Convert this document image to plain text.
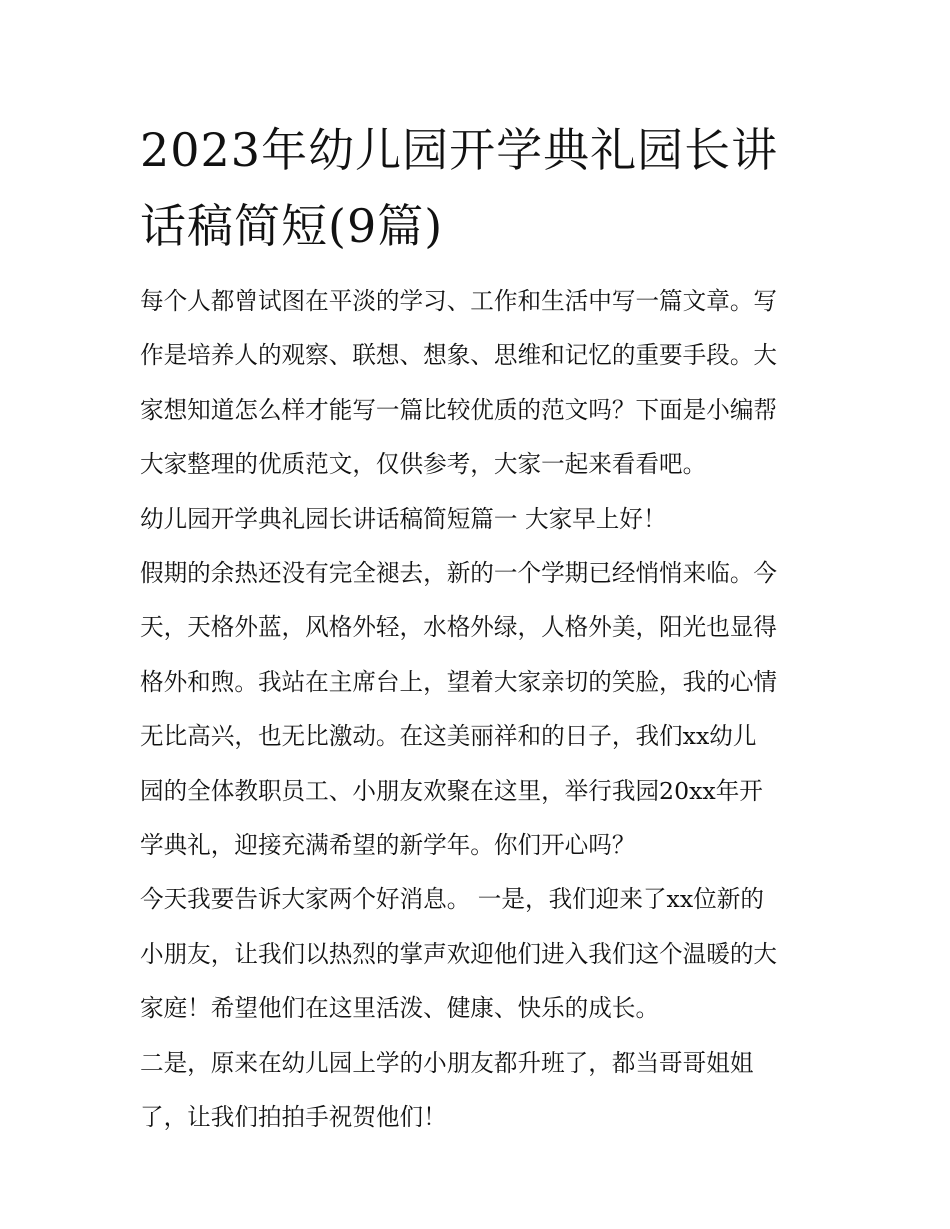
2023年幼儿园开学典礼园长讲
话稿简短(9篇)

每个人都曾试图在平淡的学习、工作和生活中写一篇文章。写
作是培养人的观察、联想、想象、思维和记忆的重要手段。大
家想知道怎么样才能写一篇比较优质的范文吗？下面是小编帮
大家整理的优质范文，仅供参考，大家一起来看看吧。

幼儿园开学典礼园长讲话稿简短篇一 大家早上好！

假期的余热还没有完全褪去，新的一个学期已经悄悄来临。今
天，天格外蓝，风格外轻，水格外绿，人格外美，阳光也显得
格外和煦。我站在主席台上，望着大家亲切的笑脸，我的心情
无比高兴，也无比激动。在这美丽祥和的日子，我们xx幼儿
园的全体教职员工、小朋友欢聚在这里，举行我园20xx年开
学典礼，迎接充满希望的新学年。你们开心吗？

今天我要告诉大家两个好消息。 一是，我们迎来了xx位新的
小朋友，让我们以热烈的掌声欢迎他们进入我们这个温暖的大
家庭！希望他们在这里活泼、健康、快乐的成长。

二是，原来在幼儿园上学的小朋友都升班了，都当哥哥姐姐
了，让我们拍拍手祝贺他们！
